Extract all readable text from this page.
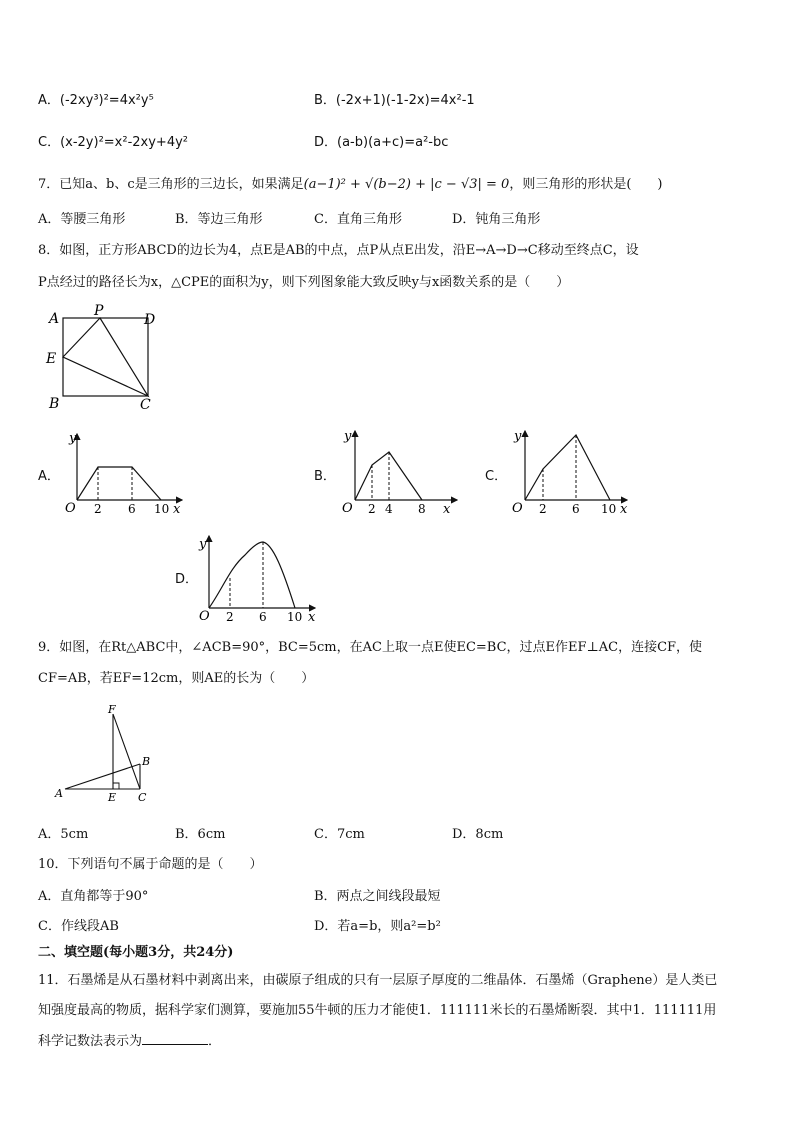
A．(-2xy³)²=4x²y⁵	B．(-2x+1)(-1-2x)=4x²-1
C．(x-2y)²=x²-2xy+4y²	D．(a-b)(a+c)=a²-bc
7．已知a、b、c是三角形的三边长，如果满足(a−1)² + √(b−2) + |c − √3| = 0，则三角形的形状是(　　)
A．等腰三角形	B．等边三角形	C．直角三角形	D．钝角三角形
8．如图，正方形ABCD的边长为4，点E是AB的中点，点P从点E出发，沿E→A→D→C移动至终点C，设
P点经过的路径长为x，△CPE的面积为y，则下列图象能大致反映y与x函数关系的是（　　）
A P
D
E
B	C
A．	B．	C．
D．
y
O 2 6 10 x
y
O 2 4 8 x
y
O 2 6 10 x
y
O 2 6 10 x
9．如图，在Rt△ABC中，∠ACB=90°，BC=5cm，在AC上取一点E使EC=BC，过点E作EF⊥AC，连接CF，使
CF=AB，若EF=12cm，则AE的长为（　　）
F
B
A	E C
A．5cm	B．6cm	C．7cm	D．8cm
10．下列语句不属于命题的是（　　）
A．直角都等于90°	B．两点之间线段最短
C．作线段AB	D．若a=b，则a²=b²
二、填空题(每小题3分，共24分)
11．石墨烯是从石墨材料中剥离出来，由碳原子组成的只有一层原子厚度的二维晶体．石墨烯（Graphene）是人类已
知强度最高的物质，据科学家们测算，要施加55牛顿的压力才能使1．111111米长的石墨烯断裂．其中1．111111用
科学记数法表示为	．
